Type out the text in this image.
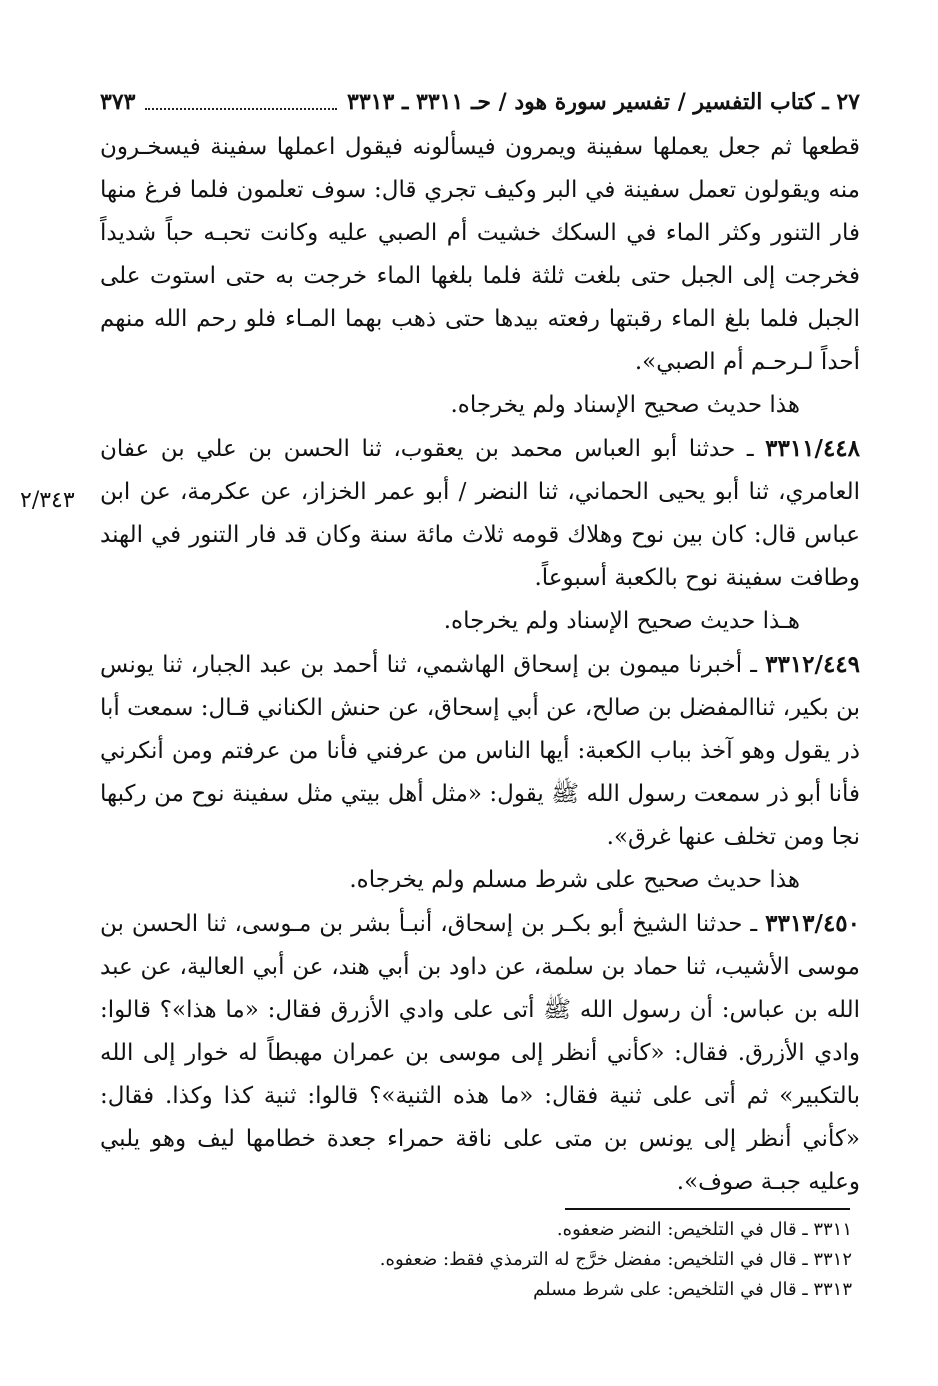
٢٧ ـ كتاب التفسير / تفسير سورة هود / حـ ٣٣١١ ـ ٣٣١٣
٣٧٣
٢/٣٤٣

قطعها ثم جعل يعملها سفينة ويمرون فيسألونه فيقول اعملها سفينة فيسخـرون منه ويقولون تعمل سفينة في البر وكيف تجري قال: سوف تعلمون فلما فرغ منها فار التنور وكثر الماء في السكك خشيت أم الصبي عليه وكانت تحبـه حباً شديداً فخرجت إلى الجبل حتى بلغت ثلثة فلما بلغها الماء خرجت به حتى استوت على الجبل فلما بلغ الماء رقبتها رفعته بيدها حتى ذهب بهما المـاء فلو رحم الله منهم أحداً لـرحـم أم الصبي».

هذا حديث صحيح الإسناد ولم يخرجاه.

٣٣١١/٤٤٨ ـ حدثنا أبو العباس محمد بن يعقوب، ثنا الحسن بن علي بن عفان العامري، ثنا أبو يحيى الحماني، ثنا النضر / أبو عمر الخزاز، عن عكرمة، عن ابن عباس قال: كان بين نوح وهلاك قومه ثلاث مائة سنة وكان قد فار التنور في الهند وطافت سفينة نوح بالكعبة أسبوعاً.

هـذا حديث صحيح الإسناد ولم يخرجاه.

٣٣١٢/٤٤٩ ـ أخبرنا ميمون بن إسحاق الهاشمي، ثنا أحمد بن عبد الجبار، ثنا يونس بن بكير، ثناالمفضل بن صالح، عن أبي إسحاق، عن حنش الكناني قـال: سمعت أبا ذر يقول وهو آخذ بباب الكعبة: أيها الناس من عرفني فأنا من عرفتم ومن أنكرني فأنا أبو ذر سمعت رسول الله ﷺ يقول: «مثل أهل بيتي مثل سفينة نوح من ركبها نجا ومن تخلف عنها غرق».

هذا حديث صحيح على شرط مسلم ولم يخرجاه.

٣٣١٣/٤٥٠ ـ حدثنا الشيخ أبو بكـر بن إسحاق، أنبـأ بشر بن مـوسى، ثنا الحسن بن موسى الأشيب، ثنا حماد بن سلمة، عن داود بن أبي هند، عن أبي العالية، عن عبد الله بن عباس: أن رسول الله ﷺ أتى على وادي الأزرق فقال: «ما هذا»؟ قالوا: وادي الأزرق. فقال: «كأني أنظر إلى موسى بن عمران مهبطاً له خوار إلى الله بالتكبير» ثم أتى على ثنية فقال: «ما هذه الثنية»؟ قالوا: ثنية كذا وكذا. فقال: «كأني أنظر إلى يونس بن متى على ناقة حمراء جعدة خطامها ليف وهو يلبي وعليه جبـة صوف».

٣٣١١ ـ قال في التلخيص: النضر ضعفوه.

٣٣١٢ ـ قال في التلخيص: مفضل خرَّج له الترمذي فقط: ضعفوه.

٣٣١٣ ـ قال في التلخيص: على شرط مسلم
